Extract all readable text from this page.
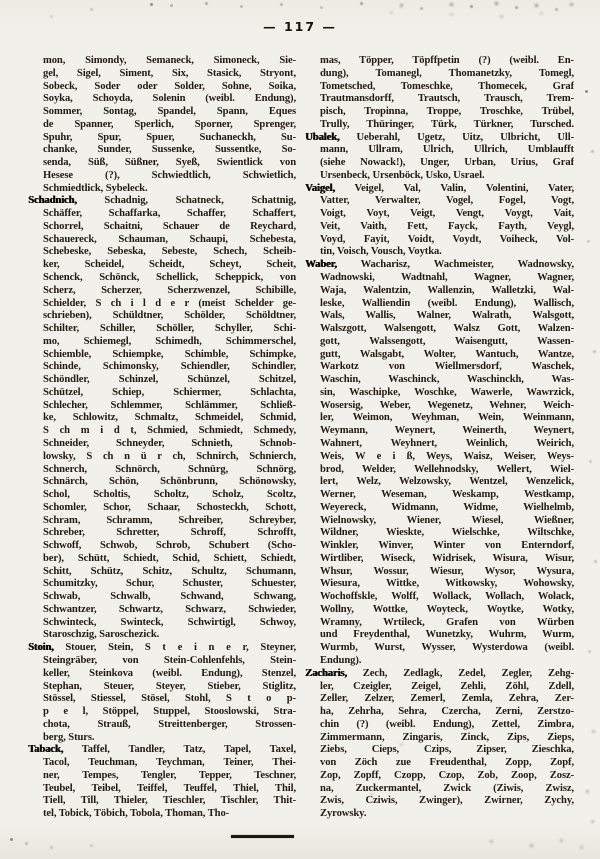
— 117 —
mon, Simondy, Semaneck, Simoneck, Sie-
gel, Sigel, Siment, Six, Stasick, Stryont,
Sobeck, Soder oder Solder, Sohne, Soika,
Soyka, Schoyda, Solenin (weibl. Endung),
Sommer, Sontag, Spandel, Spann, Eques
de Spanner, Sperlich, Sporner, Sprenger,
Spuhr, Spur, Spuer, Suchaneckh, Su-
chanke, Sunder, Sussenke, Sussentke, So-
senda, Süß, Süßner, Syeß, Swientlick von
Hesese (?), Schwiedtlich, Schwietlich,
Schmiedtlick, Sybeleck.
Schadnich, Schadnig, Schatneck, Schattnig,
Schäffer, Schaffarka, Schaffer, Schaffert,
Schorrel, Schaitni, Schauer de Reychard,
Schauereck, Schauman, Schaupi, Schebesta,
Schebeske, Sebeska, Sebeste, Schech, Scheib-
ker, Scheidel, Scheidt, Scheyt, Scheit,
Schenck, Schönck, Schellick, Scheppick, von
Scherz, Scherzer, Scherzwenzel, Schibille,
Schielder, S ch i l d e r (meist Schelder ge-
schrieben), Schüldtner, Schölder, Schöldtner,
Schilter, Schiller, Schöller, Schyller, Schi-
mo, Schiemegl, Schimedh, Schimmerschel,
Schiemble, Schiempke, Schimble, Schimpke,
Schinde, Schimonsky, Schiendler, Schindler,
Schöndler, Schinzel, Schünzel, Schitzel,
Schützel, Schiep, Schiermer, Schlachta,
Schlecher, Schlemmer, Schlämmer, Schließ-
ke, Schlowitz, Schmaltz, Schmeidel, Schmid,
S ch m i d t, Schmied, Schmiedt, Schmedy,
Schneider, Schneyder, Schnieth, Schnob-
lowsky, S ch n ü r ch, Schnirch, Schnierch,
Schnerch, Schnörch, Schnürg, Schnörg,
Schnärch, Schön, Schönbrunn, Schönowsky,
Schol, Scholtis, Scholtz, Scholz, Scoltz,
Schomler, Schor, Schaar, Schosteckh, Schott,
Schram, Schramm, Schreiber, Schreyber,
Schreber, Schretter, Schroff, Schrofft,
Schwoff, Schwob, Schrob, Schubert (Scho-
ber), Schütt, Schiedt, Schid, Schiett, Schiedt,
Schitt, Schütz, Schitz, Schultz, Schumann,
Schumitzky, Schur, Schuster, Schuester,
Schwab, Schwalb, Schwand, Schwang,
Schwantzer, Schwartz, Schwarz, Schwieder,
Schwinteck, Swinteck, Schwirtigl, Schwoy,
Staroschzig, Saroschezick.
Stoin, Stouer, Stein, S t e i n e r, Steyner,
Steingräber, von Stein-Cohlenfehls, Stein-
keller, Steinkova (weibl. Endung), Stenzel,
Stephan, Steuer, Steyer, Stieber, Stiglitz,
Stössel, Stiessel, Stösel, Stohl, S t o p-
p e l, Stöppel, Stuppel, Stooslowski, Stra-
chota, Strauß, Streittenberger, Strossen-
berg, Sturs.
Taback, Taffel, Tandler, Tatz, Tapel, Taxel,
Tacol, Teuchman, Teychman, Teiner, Thei-
ner, Tempes, Tengler, Tepper, Teschner,
Teubel, Teibel, Teiffel, Teuffel, Thiel, Thil,
Tiell, Till, Thieler, Tieschler, Tischler, Thit-
tel, Tobick, Töbich, Tobola, Thoman, Tho-
mas, Töpper, Töpffpetin (?) (weibl. En-
dung), Tomanegl, Thomanetzky, Tomegl,
Tometsched, Tomeschke, Thomecek, Graf
Trautmansdorff, Trautsch, Trausch, Trem-
pisch, Tropinna, Troppe, Troschke, Trübel,
Trully, Thüringer, Türk, Türkner, Tursched.
Ubalek, Ueberahl, Ugetz, Uitz, Ulbricht, Ull-
mann, Ullram, Ulrich, Ullrich, Umblaufft
(siehe Nowack!), Unger, Urban, Urius, Graf
Ursenbeck, Ursenböck, Usko, Usrael.
Vaigel, Veigel, Val, Valin, Volentini, Vater,
Vatter, Verwalter, Vogel, Fogel, Vogt,
Voigt, Voyt, Veigt, Vengt, Voygt, Vait,
Veit, Vaith, Fett, Fayck, Fayth, Veygl,
Voyd, Fayit, Voidt, Voydt, Voiheck, Vol-
tin, Voisch, Vousch, Voytka.
Waber, Wacharisz, Wachmeister, Wadnowsky,
Wadnowski, Wadtnahl, Wagner, Wagner,
Waja, Walentzin, Wallenzin, Walletzki, Wal-
leske, Walliendin (weibl. Endung), Wallisch,
Wals, Wallis, Walner, Walrath, Walsgott,
Walszgott, Walsengott, Walsz Gott, Walzen-
gott, Walssengott, Waisengutt, Wassen-
gutt, Walsgabt, Wolter, Wantuch, Wantze,
Warkotz von Wiellmersdorf, Waschek,
Waschin, Waschinck, Waschinckh, Was-
sin, Waschipke, Woschke, Wawerle, Wawrzick,
Wosersig, Weber, Wegenetz, Wehner, Weich-
ler, Weimon, Weyhman, Wein, Weinmann,
Weymann, Weynert, Weinerth, Weynert,
Wahnert, Weyhnert, Weinlich, Weirich,
Weis, W e i ß, Weys, Waisz, Weiser, Weys-
brod, Welder, Wellehnodsky, Wellert, Wiel-
lert, Welz, Welzowsky, Wentzel, Wenzelick,
Werner, Weseman, Weskamp, Westkamp,
Weyereck, Widmann, Widme, Wielhelmb,
Wielnowsky, Wiener, Wiesel, Wießner,
Wildner, Wieskte, Wielschke, Wiltschke,
Winkler, Winver, Winter von Enterndorf,
Wirtliber, Wiseck, Widrisek, Wisura, Wisur,
Whsur, Wossur, Wiesur, Wysor, Wysura,
Wiesura, Wittke, Witkowsky, Wohowsky,
Wochoffskle, Wolff, Wollack, Wollach, Wolack,
Wollny, Wottke, Woyteck, Woytke, Wotky,
Wramny, Wrtileck, Grafen von Würben
und Freydenthal, Wunetzky, Wuhrm, Wurm,
Wurmb, Wurst, Wysser, Wysterdowa (weibl.
Endung).
Zacharis, Zech, Zedlagk, Zedel, Zegler, Zehg-
ler, Czeigler, Zeigel, Zehli, Zöhl, Zdell,
Zeller, Zelzer, Zemerl, Zemla, Zehra, Zer-
ha, Zehrha, Sehra, Czercha, Zerni, Zerstzo-
chin (?) (weibl. Endung), Zettel, Zimbra,
Zimmermann, Zingaris, Zinck, Zips, Zieps,
Ziebs, Cieps, Czips, Zipser, Zieschka,
von Zöch zue Freudenthal, Zopp, Zopf,
Zop, Zopff, Czopp, Czop, Zob, Zoop, Zosz-
na, Zuckermantel, Zwick (Ziwis, Zwisz,
Zwis, Cziwis, Zwinger), Zwirner, Zychy,
Zyrowsky.
